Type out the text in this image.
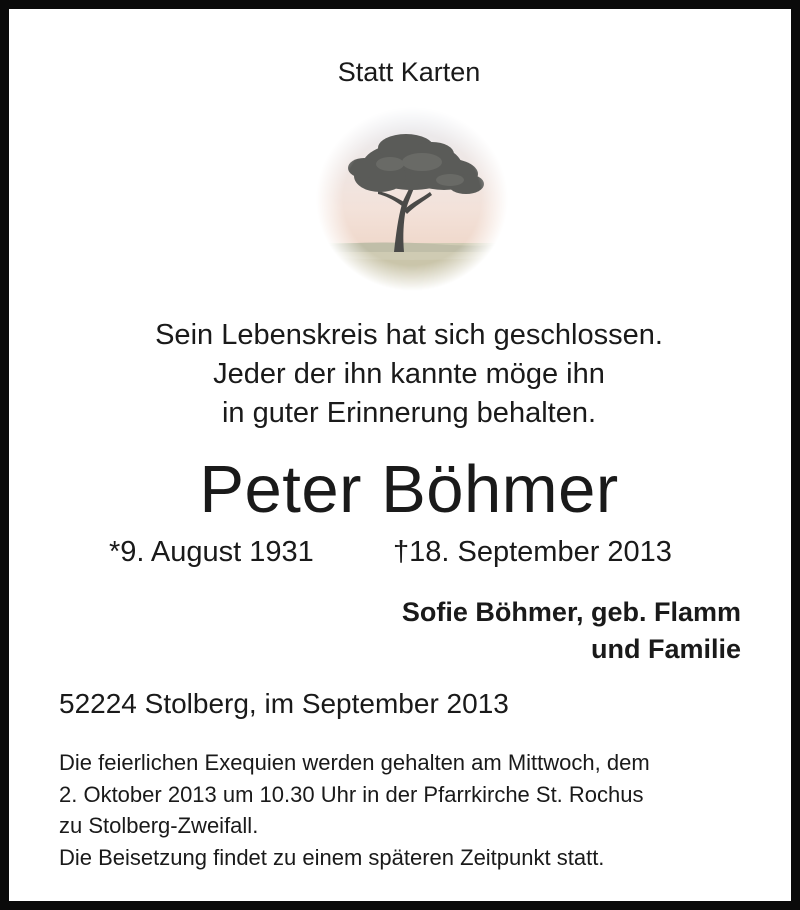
Statt Karten
Sein Lebenskreis hat sich geschlossen.
Jeder der ihn kannte möge ihn
in guter Erinnerung behalten.
Peter Böhmer
*9. August 1931	†18. September 2013
Sofie Böhmer, geb. Flamm
und Familie
52224 Stolberg, im September 2013
Die feierlichen Exequien werden gehalten am Mittwoch, dem
2. Oktober 2013 um 10.30 Uhr in der Pfarrkirche St. Rochus
zu Stolberg-Zweifall.
Die Beisetzung findet zu einem späteren Zeitpunkt statt.
